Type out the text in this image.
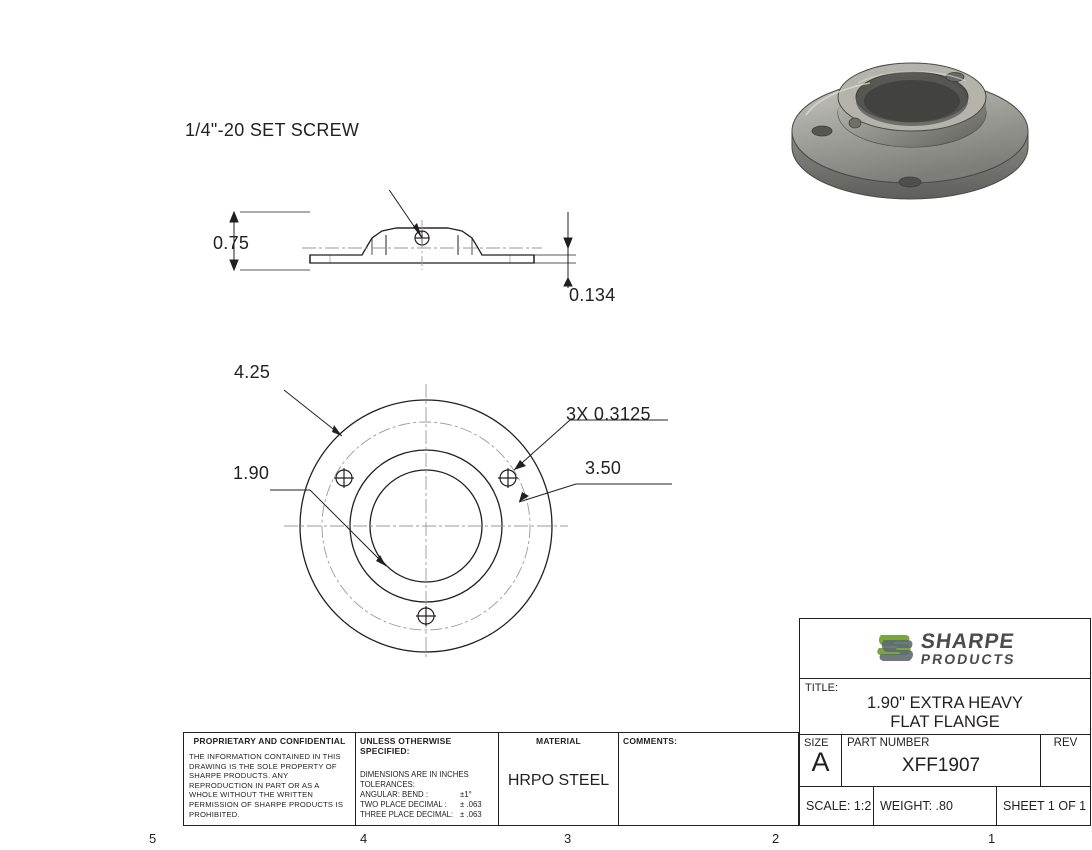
1/4"-20 SET SCREW
0.75
0.134
4.25
1.90
3X 0.3125
3.50
PROPRIETARY AND CONFIDENTIAL
THE INFORMATION CONTAINED IN THIS DRAWING IS THE SOLE PROPERTY OF SHARPE PRODUCTS. ANY REPRODUCTION IN PART OR AS A WHOLE WITHOUT THE WRITTEN PERMISSION OF SHARPE PRODUCTS IS PROHIBITED.
UNLESS OTHERWISE SPECIFIED:
DIMENSIONS ARE IN INCHES
TOLERANCES:
ANGULAR: BEND :	±1°
TWO PLACE DECIMAL :	± .063
THREE PLACE DECIMAL: ± .063
MATERIAL
HRPO STEEL
COMMENTS:
SHARPE
PRODUCTS
TITLE:
1.90" EXTRA HEAVY
FLAT FLANGE
SIZE
A
PART NUMBER
XFF1907
REV
SCALE: 1:2 WEIGHT: .80	SHEET 1 OF 1
5	4	3	2	1
